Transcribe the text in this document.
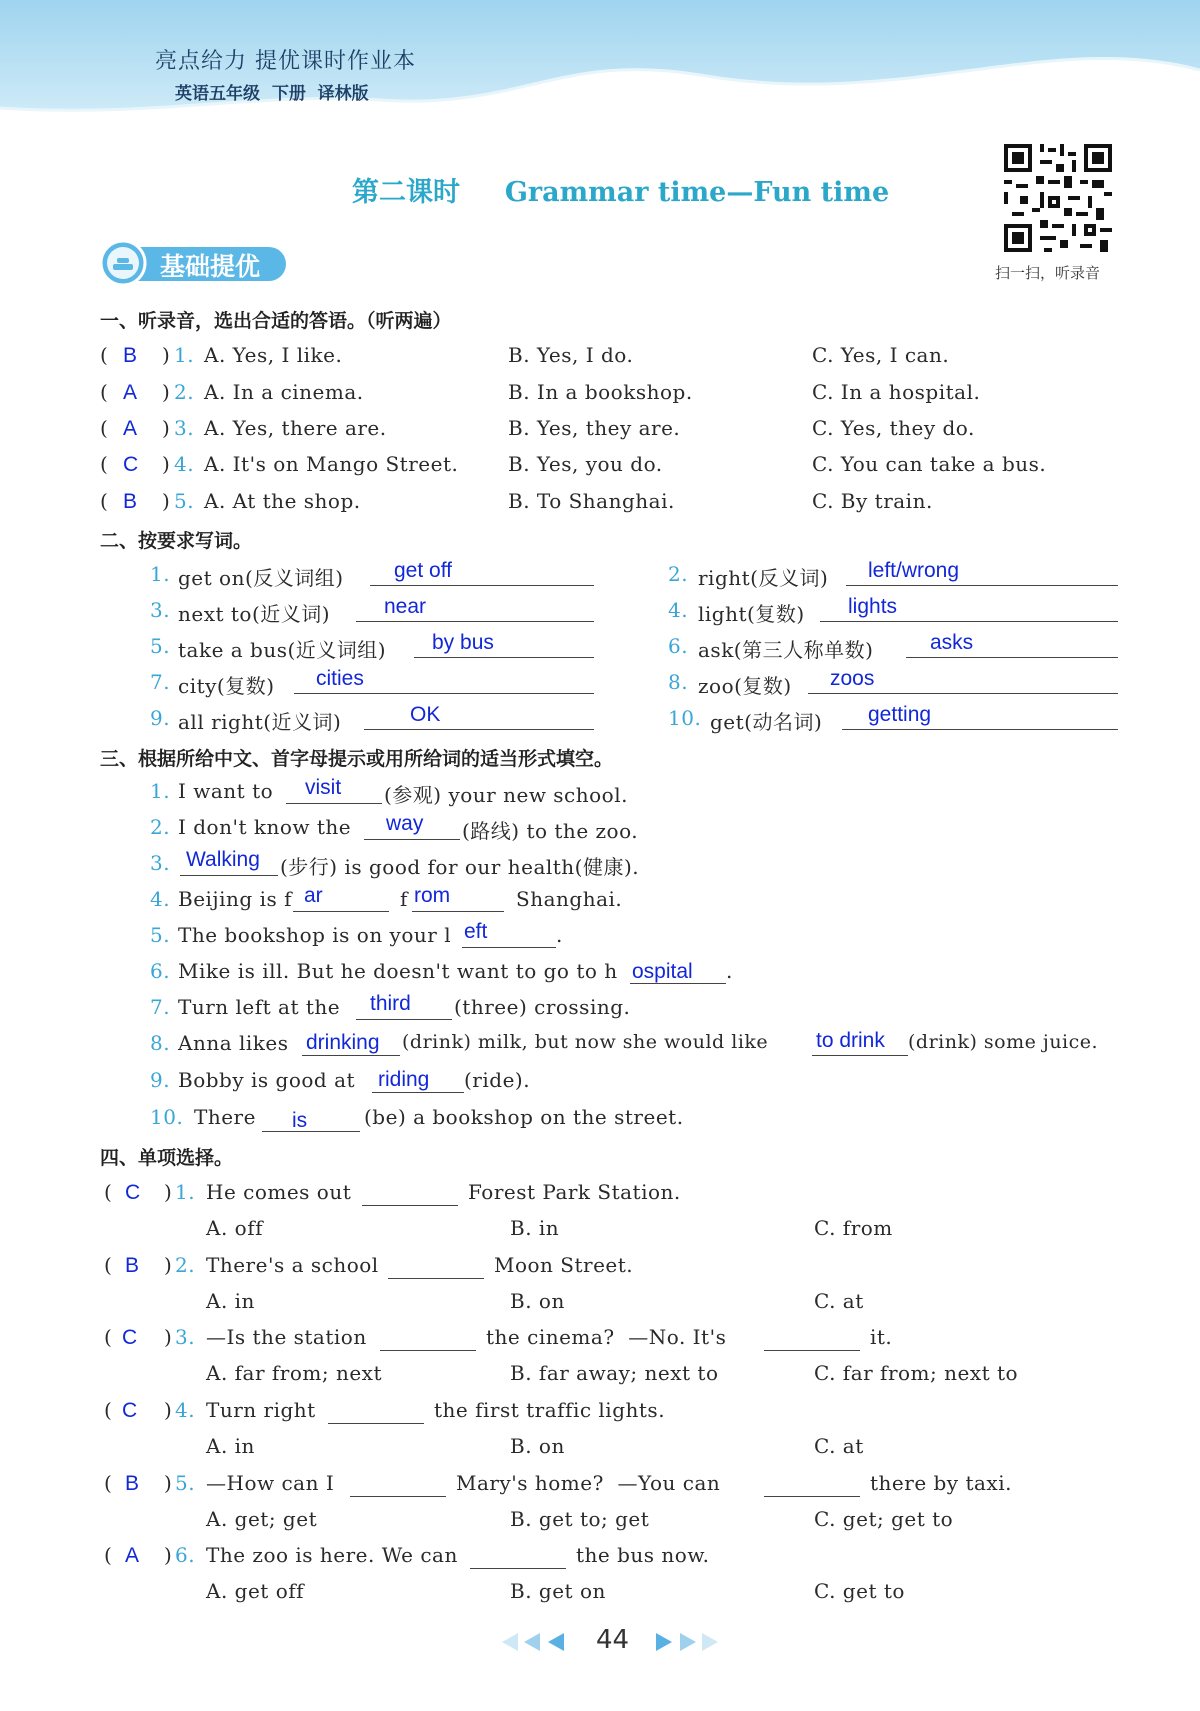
亮点给力 提优课时作业本
英语五年级  下册  译林版
第二课时 Grammar time—Fun time
扫一扫，听录音
基础提优
一、听录音，选出合适的答语。（听两遍）
(	)
B 1. A. Yes, I like.	B. Yes, I do.	C. Yes, I can.
(	)
A 2. A. In a cinema.	B. In a bookshop.	C. In a hospital.
(	)
A 3. A. Yes, there are.	B. Yes, they are.	C. Yes, they do.
(	)
C 4. A. It's on Mango Street. B. Yes, you do.	C. You can take a bus.
(	)
B 5. A. At the shop.	B. To Shanghai.	C. By train.
二、按要求写词。
1. get on(反义词组) get off
3. next to(近义词)	near
5. take a bus(近义词组) by bus
7. city(复数) cities
9. all right(近义词)	OK
2. right(反义词) left/wrong
4. light(复数) lights
6. ask(第三人称单数)	asks
8. zoo(复数) zoos
10. get(动名词) getting
三、根据所给中文、首字母提示或用所给词的适当形式填空。
1. I want to visit (参观) your new school.
2. I don't know the way (路线) to the zoo.
3. Walking (步行) is good for our health(健康).
4. Beijing is f ar	f rom	Shanghai.
5. The bookshop is on your l eft	.
6. Mike is ill. But he doesn't want to go to h ospital .
7. Turn left at the third (three) crossing.
8. Anna likes drinking (drink) milk, but now she would like to drink (drink) some juice.
9. Bobby is good at riding (ride).
10. There is	(be) a bookshop on the street.
四、单项选择。
(	)
C 1. He comes out	Forest Park Station.
A. off	B. in	C. from
(	)
B 2. There's a school	Moon Street.
A. in	B. on	C. at
(	)
C 3. —Is the station	the cinema?  —No. It's	it.
A. far from; next	B. far away; next to	C. far from; next to
(	)
C 4. Turn right	the first traffic lights.
A. in	B. on	C. at
(	)
B 5. —How can I	Mary's home?  —You can	there by taxi.
A. get; get	B. get to; get	C. get; get to
(	)
A 6. The zoo is here. We can	the bus now.
A. get off	B. get on	C. get to
44
